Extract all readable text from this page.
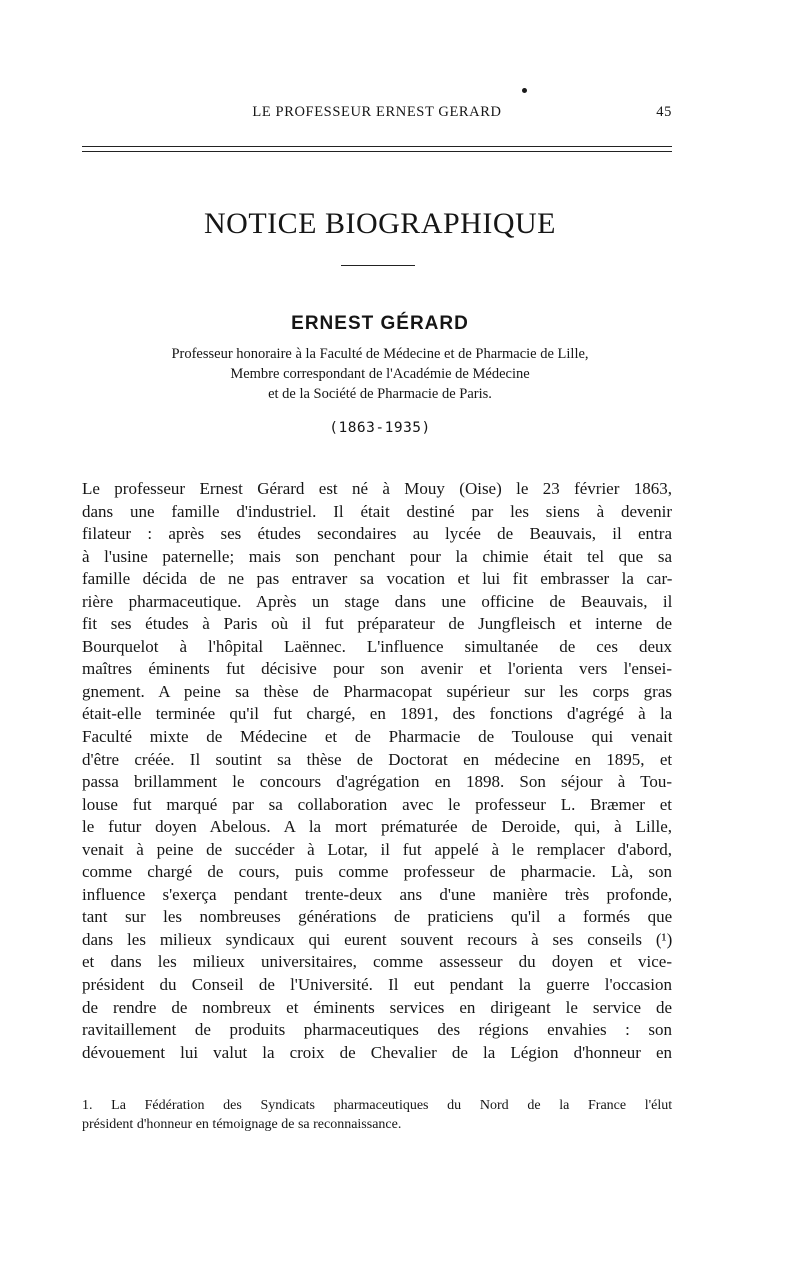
LE PROFESSEUR ERNEST GERARD	45
NOTICE BIOGRAPHIQUE
ERNEST GÉRARD
Professeur honoraire à la Faculté de Médecine et de Pharmacie de Lille,
Membre correspondant de l'Académie de Médecine
et de la Société de Pharmacie de Paris.
(1863-1935)
Le professeur Ernest Gérard est né à Mouy (Oise) le 23 février 1863,
dans une famille d'industriel. Il était destiné par les siens à devenir
filateur : après ses études secondaires au lycée de Beauvais, il entra
à l'usine paternelle; mais son penchant pour la chimie était tel que sa
famille décida de ne pas entraver sa vocation et lui fit embrasser la car-
rière pharmaceutique. Après un stage dans une officine de Beauvais, il
fit ses études à Paris où il fut préparateur de Jungfleisch et interne de
Bourquelot à l'hôpital Laënnec. L'influence simultanée de ces deux
maîtres éminents fut décisive pour son avenir et l'orienta vers l'ensei-
gnement. A peine sa thèse de Pharmacopat supérieur sur les corps gras
était-elle terminée qu'il fut chargé, en 1891, des fonctions d'agrégé à la
Faculté mixte de Médecine et de Pharmacie de Toulouse qui venait
d'être créée. Il soutint sa thèse de Doctorat en médecine en 1895, et
passa brillamment le concours d'agrégation en 1898. Son séjour à Tou-
louse fut marqué par sa collaboration avec le professeur L. Bræmer et
le futur doyen Abelous. A la mort prématurée de Deroide, qui, à Lille,
venait à peine de succéder à Lotar, il fut appelé à le remplacer d'abord,
comme chargé de cours, puis comme professeur de pharmacie. Là, son
influence s'exerça pendant trente-deux ans d'une manière très profonde,
tant sur les nombreuses générations de praticiens qu'il a formés que
dans les milieux syndicaux qui eurent souvent recours à ses conseils (¹)
et dans les milieux universitaires, comme assesseur du doyen et vice-
président du Conseil de l'Université. Il eut pendant la guerre l'occasion
de rendre de nombreux et éminents services en dirigeant le service de
ravitaillement de produits pharmaceutiques des régions envahies : son
dévouement lui valut la croix de Chevalier de la Légion d'honneur en
1. La Fédération des Syndicats pharmaceutiques du Nord de la France l'élut
président d'honneur en témoignage de sa reconnaissance.
